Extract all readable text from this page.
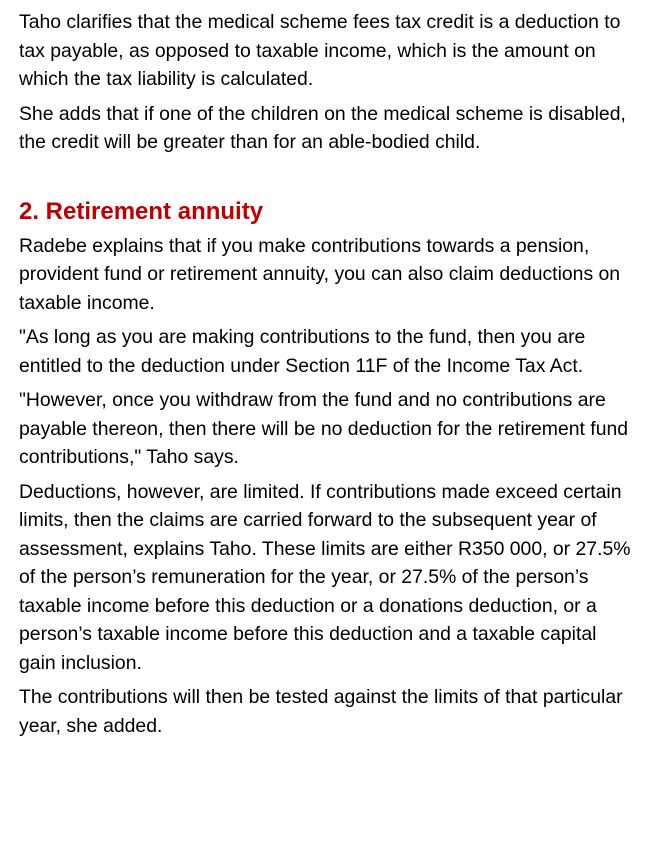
Taho clarifies that the medical scheme fees tax credit is a deduction to tax payable, as opposed to taxable income, which is the amount on which the tax liability is calculated.

She adds that if one of the children on the medical scheme is disabled, the credit will be greater than for an able-bodied child.

2. Retirement annuity

Radebe explains that if you make contributions towards a pension, provident fund or retirement annuity, you can also claim deductions on taxable income.

"As long as you are making contributions to the fund, then you are entitled to the deduction under Section 11F of the Income Tax Act.

"However, once you withdraw from the fund and no contributions are payable thereon, then there will be no deduction for the retirement fund contributions," Taho says.

Deductions, however, are limited. If contributions made exceed certain limits, then the claims are carried forward to the subsequent year of assessment, explains Taho. These limits are either R350 000, or 27.5% of the person’s remuneration for the year, or 27.5% of the person’s taxable income before this deduction or a donations deduction, or a person’s taxable income before this deduction and a taxable capital gain inclusion.

The contributions will then be tested against the limits of that particular year, she added.
